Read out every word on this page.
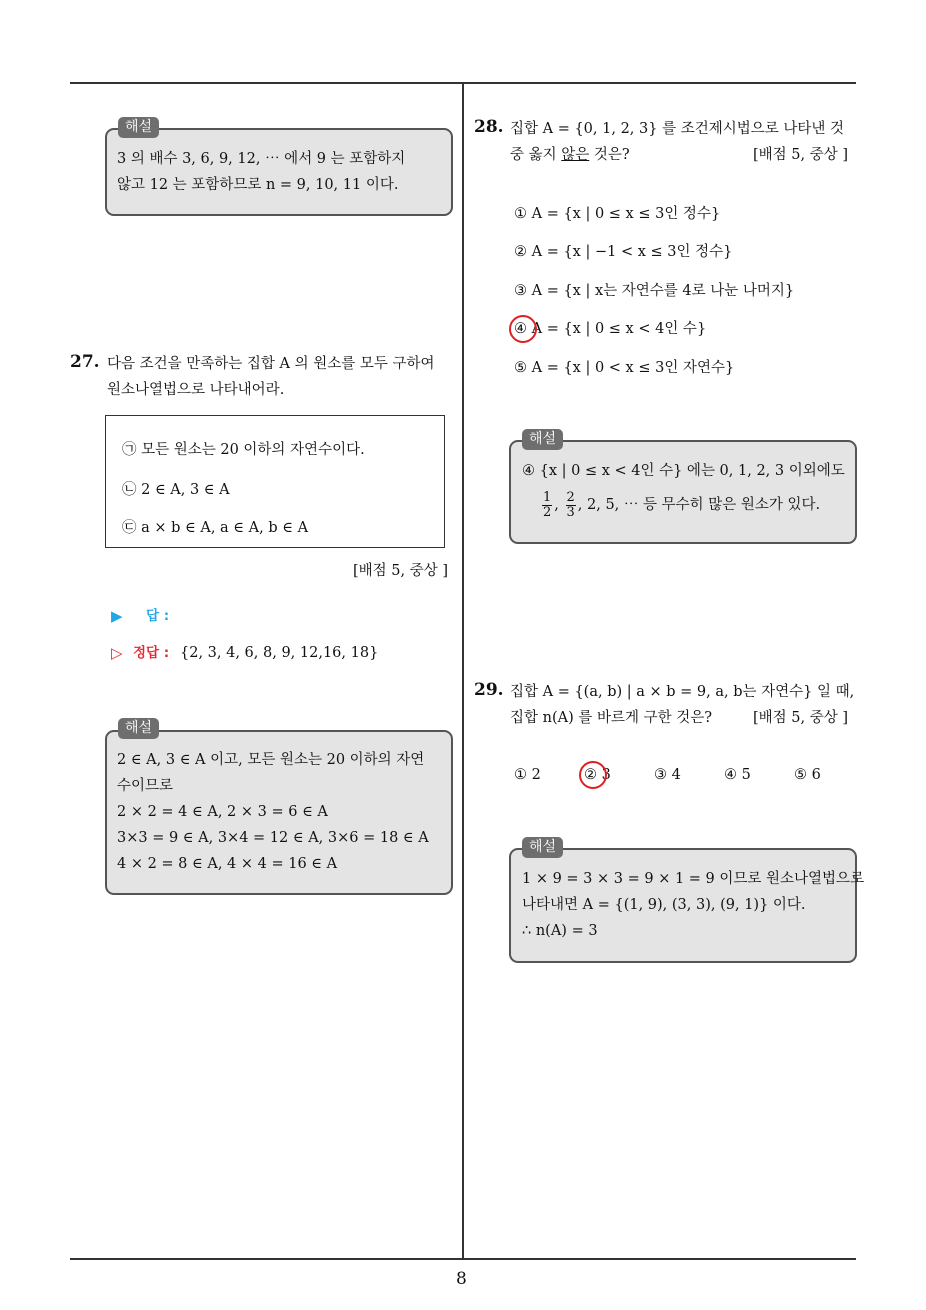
8
해설
3 의 배수 3, 6, 9, 12, ⋯ 에서 9 는 포함하지
않고 12 는 포함하므로 n = 9, 10, 11 이다.
27. 다음 조건을 만족하는 집합 A 의 원소를 모두 구하여
원소나열법으로 나타내어라.
㉠ 모든 원소는 20 이하의 자연수이다.
㉡ 2 ∈ A, 3 ∈ A
㉢ a × b ∈ A, a ∈ A, b ∈ A
[배점 5, 중상 ]
▶ 답 :
▷ 정답 : {2, 3, 4, 6, 8, 9, 12,16, 18}
해설
2 ∈ A, 3 ∈ A 이고, 모든 원소는 20 이하의 자연
수이므로
2 × 2 = 4 ∈ A, 2 × 3 = 6 ∈ A
3×3 = 9 ∈ A, 3×4 = 12 ∈ A, 3×6 = 18 ∈ A
4 × 2 = 8 ∈ A, 4 × 4 = 16 ∈ A
28. 집합 A = {0, 1, 2, 3} 를 조건제시법으로 나타낸 것
중 옳지 않은 것은?	[배점 5, 중상 ]
① A = {x | 0 ≤ x ≤ 3인 정수}
② A = {x | −1 < x ≤ 3인 정수}
③ A = {x | x는 자연수를 4로 나눈 나머지}
④ A = {x | 0 ≤ x < 4인 수}
⑤ A = {x | 0 < x ≤ 3인 자연수}
해설
④ {x | 0 ≤ x < 4인 수} 에는 0, 1, 2, 3 이외에도
$\frac{1}{2}$ , $\frac{2}{3}$ , 2, 5, ⋯ 등 무수히 많은 원소가 있다.
29. 집합 A = {(a, b) | a × b = 9, a, b는 자연수} 일 때,
집합 n(A) 를 바르게 구한 것은?	[배점 5, 중상 ]
① 2	② 3	③ 4	④ 5	⑤ 6
해설
1 × 9 = 3 × 3 = 9 × 1 = 9 이므로 원소나열법으로
나타내면 A = {(1, 9), (3, 3), (9, 1)} 이다.
∴ n(A) = 3
